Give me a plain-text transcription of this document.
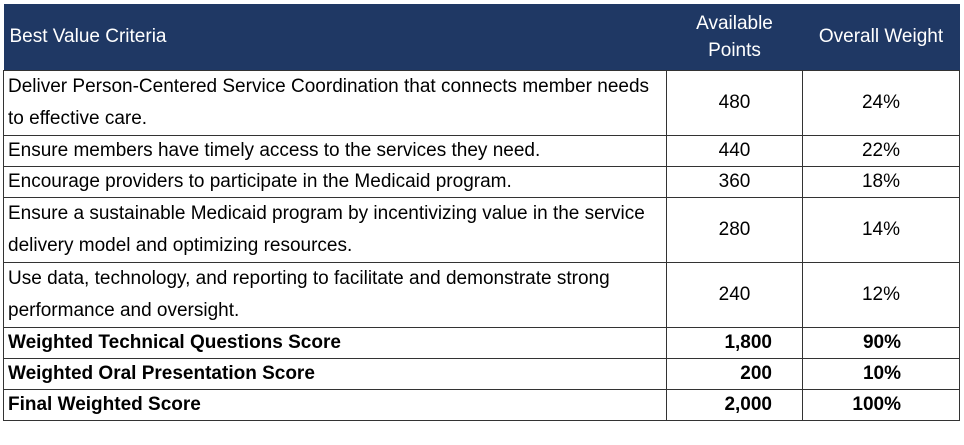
Best Value Criteria	Available Points	Overall Weight
Deliver Person-Centered Service Coordination that connects member needs to effective care.	480	24%
Ensure members have timely access to the services they need.	440	22%
Encourage providers to participate in the Medicaid program.	360	18%
Ensure a sustainable Medicaid program by incentivizing value in the service delivery model and optimizing resources.	280	14%
Use data, technology, and reporting to facilitate and demonstrate strong performance and oversight.	240	12%
Weighted Technical Questions Score	1,800	90%
Weighted Oral Presentation Score	200	10%
Final Weighted Score	2,000	100%
